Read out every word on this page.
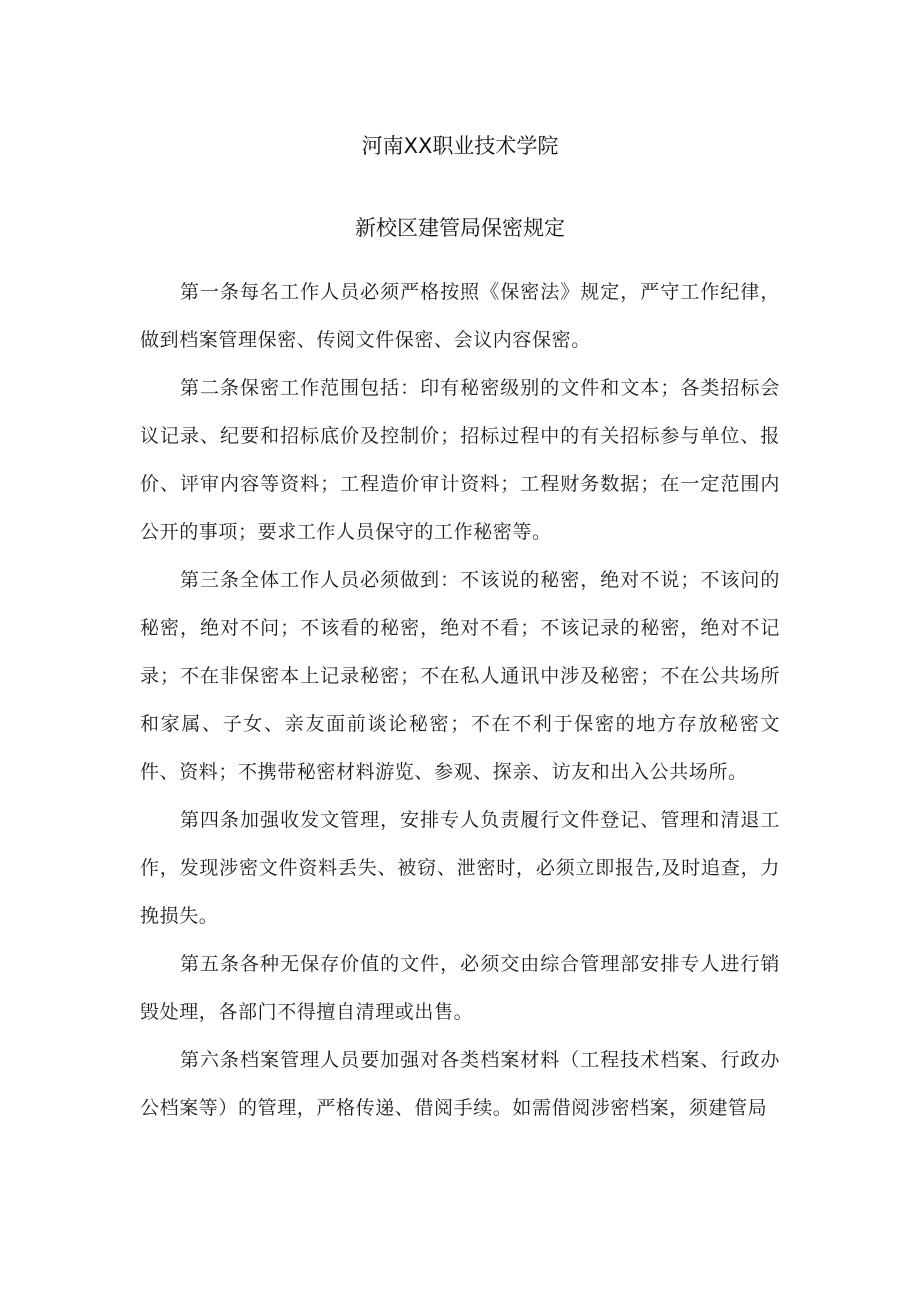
河南XX职业技术学院
新校区建管局保密规定

第一条每名工作人员必须严格按照《保密法》规定，严守工作纪律，做到档案管理保密、传阅文件保密、会议内容保密。

第二条保密工作范围包括：印有秘密级别的文件和文本；各类招标会议记录、纪要和招标底价及控制价；招标过程中的有关招标参与单位、报价、评审内容等资料；工程造价审计资料；工程财务数据；在一定范围内公开的事项；要求工作人员保守的工作秘密等。

第三条全体工作人员必须做到：不该说的秘密，绝对不说；不该问的秘密，绝对不问；不该看的秘密，绝对不看；不该记录的秘密，绝对不记录；不在非保密本上记录秘密；不在私人通讯中涉及秘密；不在公共场所和家属、子女、亲友面前谈论秘密；不在不利于保密的地方存放秘密文件、资料；不携带秘密材料游览、参观、探亲、访友和出入公共场所。

第四条加强收发文管理，安排专人负责履行文件登记、管理和清退工作，发现涉密文件资料丢失、被窃、泄密时，必须立即报告,及时追查，力挽损失。

第五条各种无保存价值的文件，必须交由综合管理部安排专人进行销毁处理，各部门不得擅自清理或出售。

第六条档案管理人员要加强对各类档案材料（工程技术档案、行政办公档案等）的管理，严格传递、借阅手续。如需借阅涉密档案，须建管局
